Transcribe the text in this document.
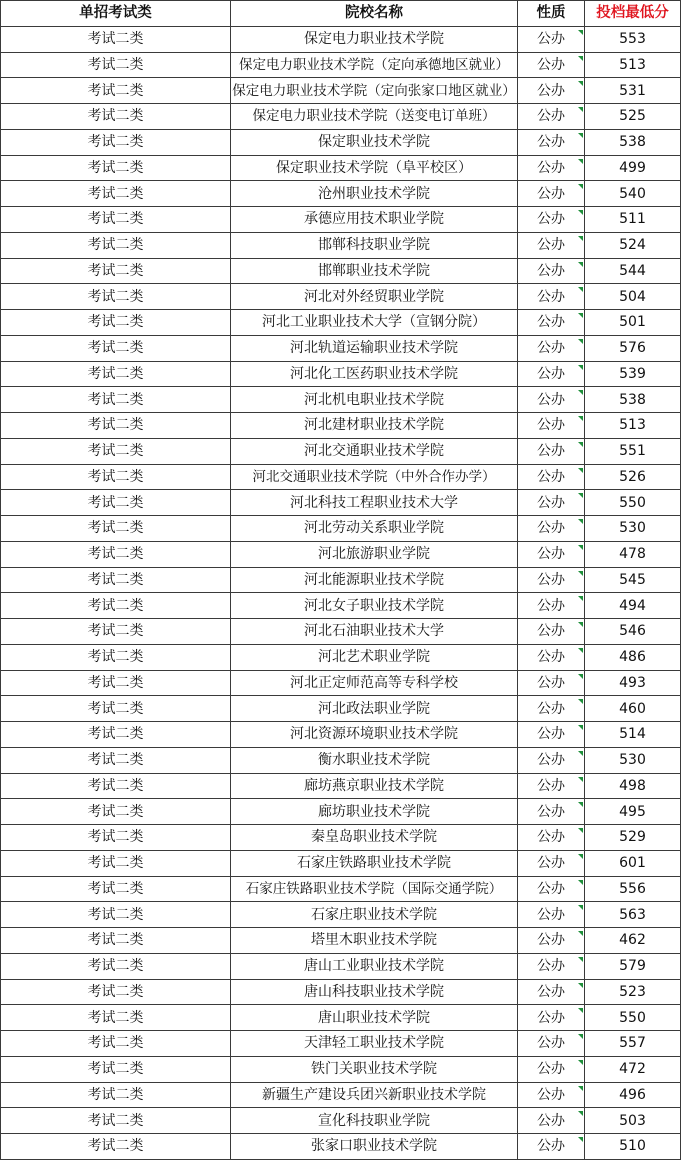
单招考试类	院校名称	性质	投档最低分
考试二类	保定电力职业技术学院	公办	553
考试二类	保定电力职业技术学院（定向承德地区就业）	公办	513
考试二类	保定电力职业技术学院（定向张家口地区就业）	公办	531
考试二类	保定电力职业技术学院（送变电订单班）	公办	525
考试二类	保定职业技术学院	公办	538
考试二类	保定职业技术学院（阜平校区）	公办	499
考试二类	沧州职业技术学院	公办	540
考试二类	承德应用技术职业学院	公办	511
考试二类	邯郸科技职业学院	公办	524
考试二类	邯郸职业技术学院	公办	544
考试二类	河北对外经贸职业学院	公办	504
考试二类	河北工业职业技术大学（宣钢分院）	公办	501
考试二类	河北轨道运输职业技术学院	公办	576
考试二类	河北化工医药职业技术学院	公办	539
考试二类	河北机电职业技术学院	公办	538
考试二类	河北建材职业技术学院	公办	513
考试二类	河北交通职业技术学院	公办	551
考试二类	河北交通职业技术学院（中外合作办学）	公办	526
考试二类	河北科技工程职业技术大学	公办	550
考试二类	河北劳动关系职业学院	公办	530
考试二类	河北旅游职业学院	公办	478
考试二类	河北能源职业技术学院	公办	545
考试二类	河北女子职业技术学院	公办	494
考试二类	河北石油职业技术大学	公办	546
考试二类	河北艺术职业学院	公办	486
考试二类	河北正定师范高等专科学校	公办	493
考试二类	河北政法职业学院	公办	460
考试二类	河北资源环境职业技术学院	公办	514
考试二类	衡水职业技术学院	公办	530
考试二类	廊坊燕京职业技术学院	公办	498
考试二类	廊坊职业技术学院	公办	495
考试二类	秦皇岛职业技术学院	公办	529
考试二类	石家庄铁路职业技术学院	公办	601
考试二类	石家庄铁路职业技术学院（国际交通学院）	公办	556
考试二类	石家庄职业技术学院	公办	563
考试二类	塔里木职业技术学院	公办	462
考试二类	唐山工业职业技术学院	公办	579
考试二类	唐山科技职业技术学院	公办	523
考试二类	唐山职业技术学院	公办	550
考试二类	天津轻工职业技术学院	公办	557
考试二类	铁门关职业技术学院	公办	472
考试二类	新疆生产建设兵团兴新职业技术学院	公办	496
考试二类	宣化科技职业学院	公办	503
考试二类	张家口职业技术学院	公办	510
